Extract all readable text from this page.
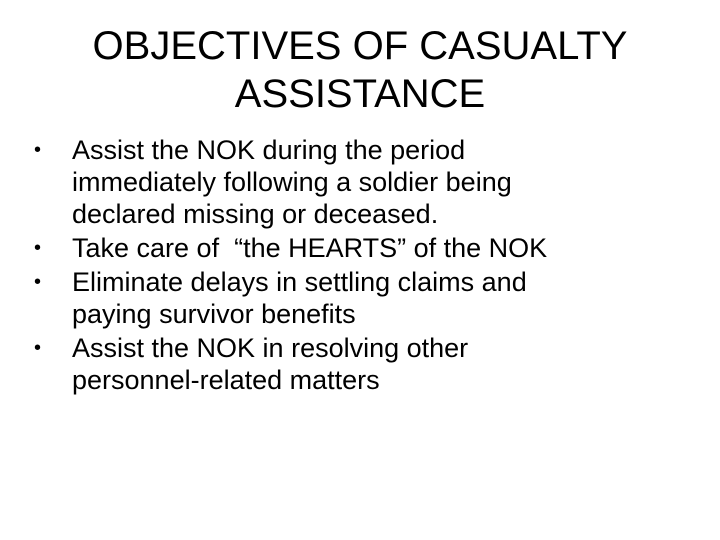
OBJECTIVES OF CASUALTY
ASSISTANCE
•	Assist the NOK during the period
immediately following a soldier being
declared missing or deceased.
•	Take care of  “the HEARTS” of the NOK
•	Eliminate delays in settling claims and
paying survivor benefits
•	Assist the NOK in resolving other
personnel-related matters
